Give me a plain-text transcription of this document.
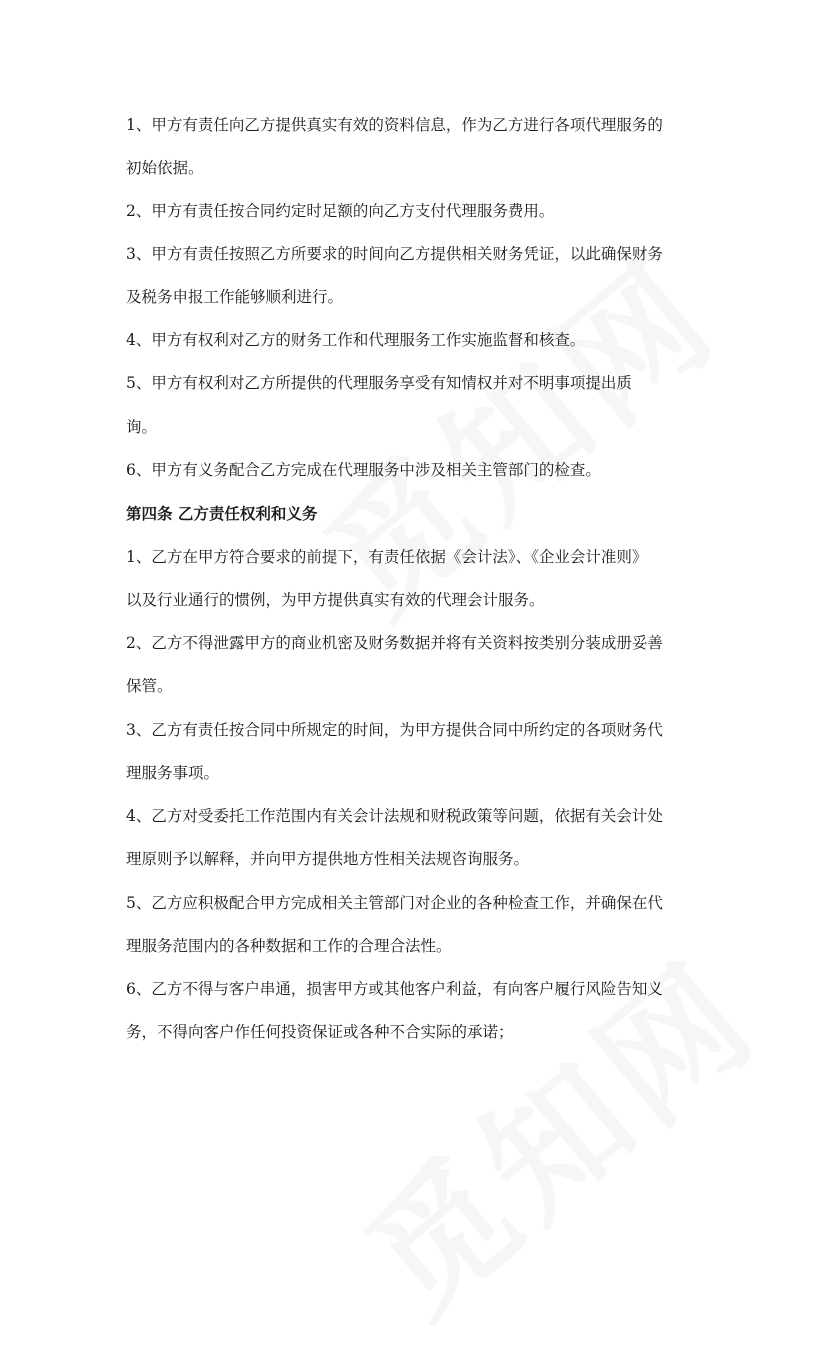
1、甲方有责任向乙方提供真实有效的资料信息，作为乙方进行各项代理服务的
初始依据。
2、甲方有责任按合同约定时足额的向乙方支付代理服务费用。
3、甲方有责任按照乙方所要求的时间向乙方提供相关财务凭证，以此确保财务
及税务申报工作能够顺利进行。
4、甲方有权利对乙方的财务工作和代理服务工作实施监督和核查。
5、甲方有权利对乙方所提供的代理服务享受有知情权并对不明事项提出质
询。
6、甲方有义务配合乙方完成在代理服务中涉及相关主管部门的检查。
第四条 乙方责任权利和义务
1、乙方在甲方符合要求的前提下，有责任依据《会计法》、《企业会计准则》
以及行业通行的惯例，为甲方提供真实有效的代理会计服务。
2、乙方不得泄露甲方的商业机密及财务数据并将有关资料按类别分装成册妥善
保管。
3、乙方有责任按合同中所规定的时间，为甲方提供合同中所约定的各项财务代
理服务事项。
4、乙方对受委托工作范围内有关会计法规和财税政策等问题，依据有关会计处
理原则予以解释，并向甲方提供地方性相关法规咨询服务。
5、乙方应积极配合甲方完成相关主管部门对企业的各种检查工作，并确保在代
理服务范围内的各种数据和工作的合理合法性。
6、乙方不得与客户串通，损害甲方或其他客户利益，有向客户履行风险告知义
务，不得向客户作任何投资保证或各种不合实际的承诺；
